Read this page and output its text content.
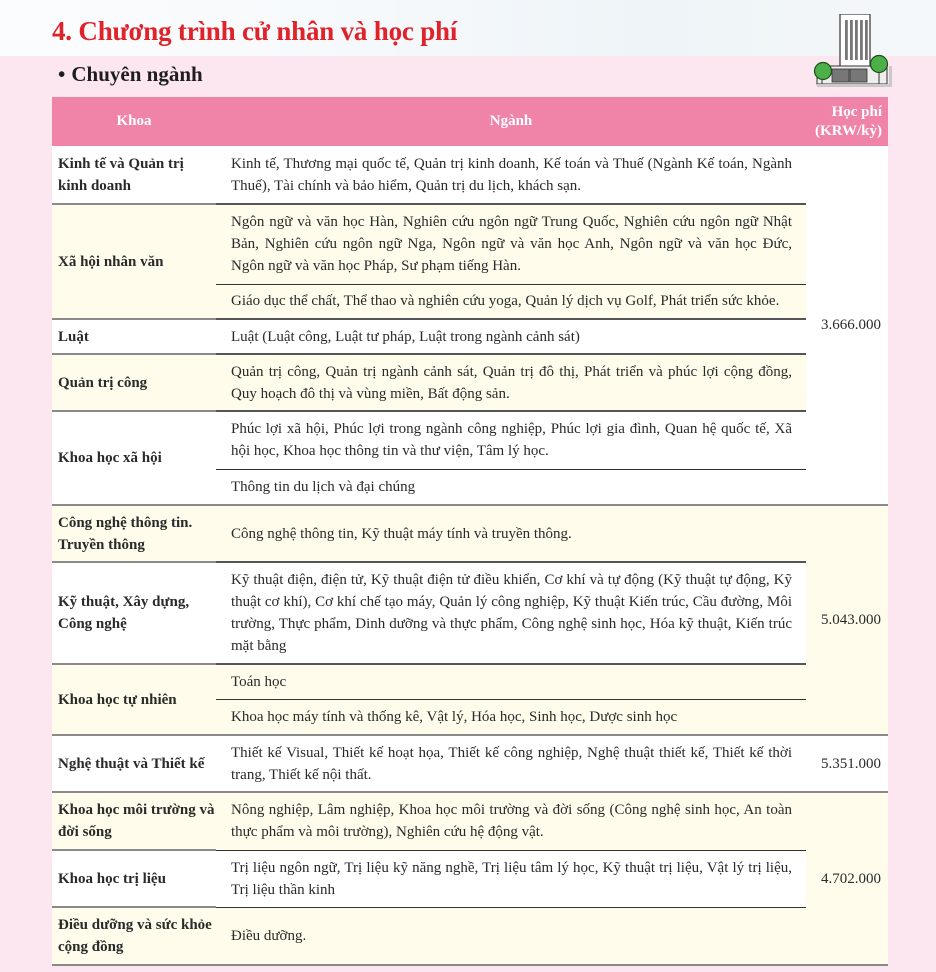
4. Chương trình cử nhân và học phí
• Chuyên ngành
Khoa	Ngành	Học phí
(KRW/kỳ)
Kinh tế và Quản trị kinh doanh	Kinh tế, Thương mại quốc tế, Quản trị kinh doanh, Kế toán và Thuế (Ngành Kế toán, Ngành Thuế), Tài chính và bảo hiểm, Quản trị du lịch, khách sạn.	3.666.000
Xã hội nhân văn	Ngôn ngữ và văn học Hàn, Nghiên cứu ngôn ngữ Trung Quốc, Nghiên cứu ngôn ngữ Nhật Bản, Nghiên cứu ngôn ngữ Nga, Ngôn ngữ và văn học Anh, Ngôn ngữ và văn học Đức, Ngôn ngữ và văn học Pháp, Sư phạm tiếng Hàn.	
	Giáo dục thể chất, Thể thao và nghiên cứu yoga, Quản lý dịch vụ Golf, Phát triển sức khỏe.	
Luật	Luật (Luật công, Luật tư pháp, Luật trong ngành cảnh sát)	
Quản trị công	Quản trị công, Quản trị ngành cảnh sát, Quản trị đô thị, Phát triển và phúc lợi cộng đồng, Quy hoạch đô thị và vùng miền, Bất động sản.	
Khoa học xã hội	Phúc lợi xã hội, Phúc lợi trong ngành công nghiệp, Phúc lợi gia đình, Quan hệ quốc tế, Xã hội học, Khoa học thông tin và thư viện, Tâm lý học.	
	Thông tin du lịch và đại chúng	
Công nghệ thông tin. Truyền thông	Công nghệ thông tin, Kỹ thuật máy tính và truyền thông.	5.043.000
Kỹ thuật, Xây dựng, Công nghệ	Kỹ thuật điện, điện tử, Kỹ thuật điện tử điều khiển, Cơ khí và tự động (Kỹ thuật tự động, Kỹ thuật cơ khí), Cơ khí chế tạo máy, Quản lý công nghiệp, Kỹ thuật Kiến trúc, Cầu đường, Môi trường, Thực phẩm, Dinh dưỡng và thực phẩm, Công nghệ sinh học, Hóa kỹ thuật, Kiến trúc mặt bằng	
Khoa học tự nhiên	Toán học	
	Khoa học máy tính và thống kê, Vật lý, Hóa học, Sinh học, Dược sinh học	
Nghệ thuật và Thiết kế	Thiết kế Visual, Thiết kế hoạt họa, Thiết kế công nghiệp, Nghệ thuật thiết kế, Thiết kế thời trang, Thiết kế nội thất.	5.351.000
Khoa học môi trường và đời sống	Nông nghiệp, Lâm nghiệp, Khoa học môi trường và đời sống (Công nghệ sinh học, An toàn thực phẩm và môi trường), Nghiên cứu hệ động vật.	4.702.000
Khoa học trị liệu	Trị liệu ngôn ngữ, Trị liệu kỹ năng nghề, Trị liệu tâm lý học, Kỹ thuật trị liệu, Vật lý trị liệu, Trị liệu thần kinh	
Điều dưỡng và sức khỏe cộng đồng	Điều dưỡng.	
